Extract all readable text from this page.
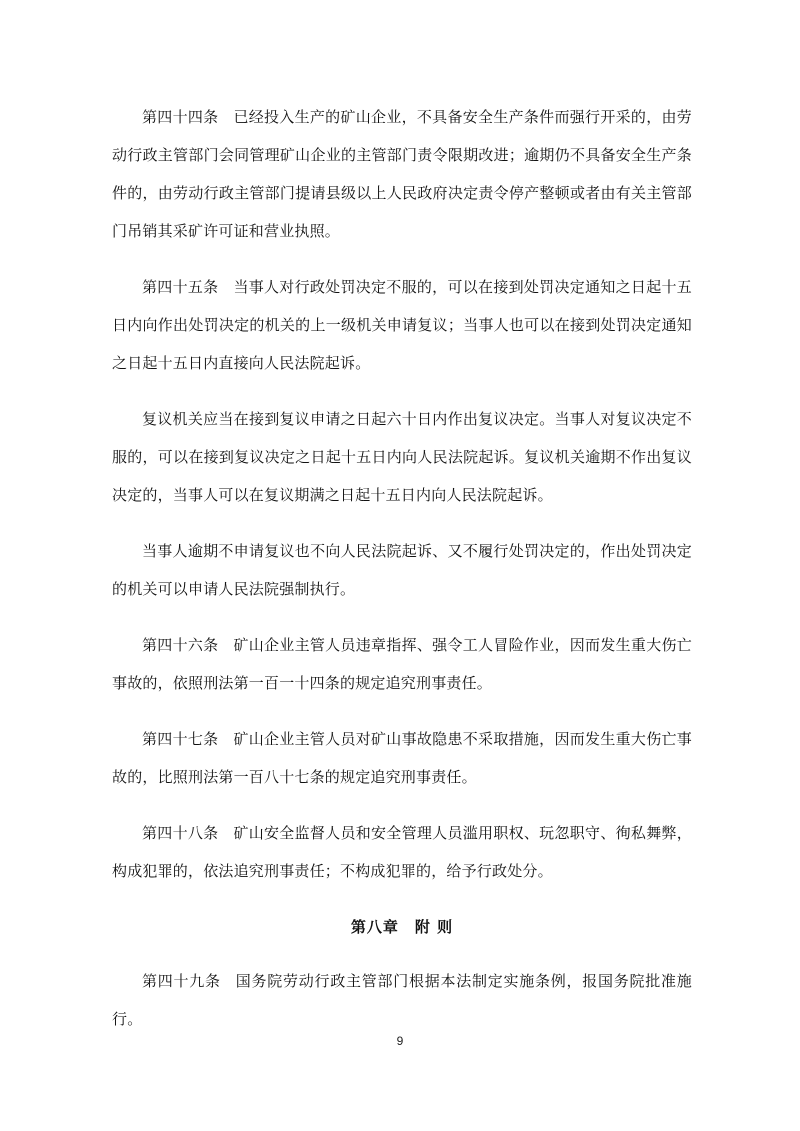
第四十四条 已经投入生产的矿山企业，不具备安全生产条件而强行开采的，由劳动行政主管部门会同管理矿山企业的主管部门责令限期改进；逾期仍不具备安全生产条件的，由劳动行政主管部门提请县级以上人民政府决定责令停产整顿或者由有关主管部门吊销其采矿许可证和营业执照。

第四十五条 当事人对行政处罚决定不服的，可以在接到处罚决定通知之日起十五日内向作出处罚决定的机关的上一级机关申请复议；当事人也可以在接到处罚决定通知之日起十五日内直接向人民法院起诉。

复议机关应当在接到复议申请之日起六十日内作出复议决定。当事人对复议决定不服的，可以在接到复议决定之日起十五日内向人民法院起诉。复议机关逾期不作出复议决定的，当事人可以在复议期满之日起十五日内向人民法院起诉。

当事人逾期不申请复议也不向人民法院起诉、又不履行处罚决定的，作出处罚决定的机关可以申请人民法院强制执行。

第四十六条 矿山企业主管人员违章指挥、强令工人冒险作业，因而发生重大伤亡事故的，依照刑法第一百一十四条的规定追究刑事责任。

第四十七条 矿山企业主管人员对矿山事故隐患不采取措施，因而发生重大伤亡事故的，比照刑法第一百八十七条的规定追究刑事责任。

第四十八条 矿山安全监督人员和安全管理人员滥用职权、玩忽职守、徇私舞弊，构成犯罪的，依法追究刑事责任；不构成犯罪的，给予行政处分。

第八章　附 则

第四十九条 国务院劳动行政主管部门根据本法制定实施条例，报国务院批准施行。

9
